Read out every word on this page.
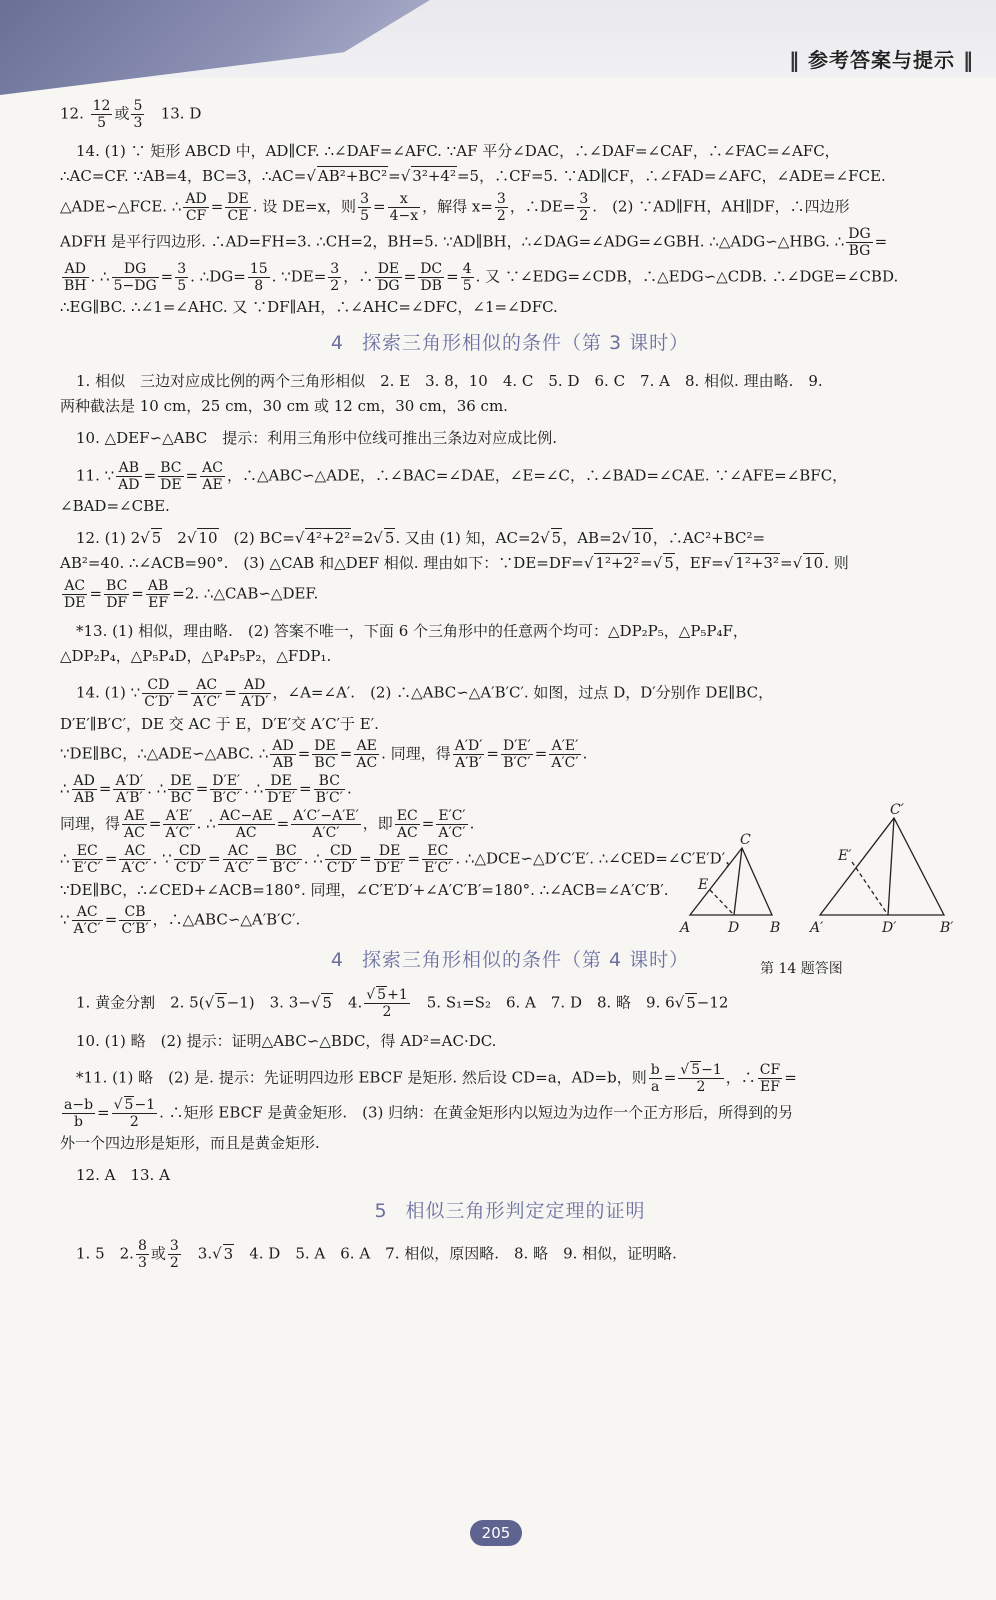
‖ 参考答案与提示 ‖
12. $\frac{12}{5}$ 或 $\frac{5}{3} 13$. D
14. (1) ∵ 矩形 ABCD 中，AD∥CF. ∴∠DAF=∠AFC. ∵AF 平分∠DAC，∴∠DAF=∠CAF，∴∠FAC=∠AFC，
∴AC=CF. ∵AB=4，BC=3，∴AC=√ AB²+BC²=√ 3²+4²=5，∴CF=5. ∵AD∥CF，∴∠FAD=∠AFC，∠ADE=∠FCE.
△ADE∽△FCE. ∴ $\frac{AD}{CF} = \frac{DE}{CE}$ . 设 DE=x，则 $\frac{3}{5} = \frac{x}{4-x}$ ，解得 $x= \frac{3}{2}$ ，∴DE= $\frac{3}{2}$ .　(2) ∵AD∥FH，AH∥DF，∴四边形
ADFH 是平行四边形. ∴AD=FH=3. ∴CH=2，BH=5. ∵AD∥BH，∴∠DAG=∠ADG=∠GBH. ∴△ADG∽△HBG. ∴ $\frac{DG}{BG}$ =
$\frac{AD}{BH}$ . ∴ $\frac{DG}{5-DG} = \frac{3}{5}$ . ∴DG= $\frac{15}{8}$ . ∵DE= $\frac{3}{2}$ ，∴ $\frac{DE}{DG} = \frac{DC}{DB} = \frac{4}{5}$ . 又 ∵∠EDG=∠CDB，∴△EDG∽△CDB. ∴∠DGE=∠CBD.
∴EG∥BC. ∴∠1=∠AHC. 又 ∵DF∥AH，∴∠AHC=∠DFC，∠1=∠DFC.
4 探索三角形相似的条件（第 3 课时）
1. 相似　三边对应成比例的两个三角形相似　2. E　3. 8，10　4. C　5. D　6. C　7. A　8. 相似. 理由略.　9.
两种截法是 10 cm，25 cm，30 cm 或 12 cm，30 cm，36 cm.
10. △DEF∽△ABC　提示：利用三角形中位线可推出三条边对应成比例.
11. ∵ $\frac{AB}{AD} = \frac{BC}{DE} = \frac{AC}{AE}$ ，∴△ABC∽△ADE，∴∠BAC=∠DAE，∠E=∠C，∴∠BAD=∠CAE. ∵∠AFE=∠BFC，
∠BAD=∠CBE.
12. (1) 2√ 5　2√ 10　(2) BC=√ 4²+2²=2√ 5. 又由 (1) 知，AC=2√ 5，AB=2√ 10，∴AC²+BC²=
AB²=40. ∴∠ACB=90°.　(3) △CAB 和△DEF 相似. 理由如下：∵DE=DF=√ 1²+2²=√ 5，EF=√ 1²+3²=√ 10. 则
$\frac{AC}{DE} = \frac{BC}{DF} = \frac{AB}{EF} =2$. ∴△CAB∽△DEF.
*13. (1) 相似，理由略.　(2) 答案不唯一，下面 6 个三角形中的任意两个均可：△DP₂P₅，△P₅P₄F，
△DP₂P₄，△P₅P₄D，△P₄P₅P₂，△FDP₁.
14. (1) ∵ $\frac{CD}{C'D'} = \frac{AC}{A'C'} = \frac{AD}{A'D'}$ ，∠A=∠A′.　(2) ∴△ABC∽△A′B′C′. 如图，过点 D，D′分别作 DE∥BC，
D′E′∥B′C′，DE 交 AC 于 E，D′E′交 A′C′于 E′.
∵DE∥BC，∴△ADE∽△ABC. ∴ $\frac{AD}{AB} = \frac{DE}{BC} = \frac{AE}{AC}$ . 同理，得 $\frac{A'D'}{A'B'} = \frac{D'E'}{B'C'} = \frac{A'E'}{A'C'}$ .
∴ $\frac{AD}{AB} = \frac{A'D'}{A'B'}$ . ∴ $\frac{DE}{BC} = \frac{D'E'}{B'C'}$ . ∴ $\frac{DE}{D'E'} = \frac{BC}{B'C'}$ .
同理，得 $\frac{AE}{AC} = \frac{A'E'}{A'C'}$ . ∴ $\frac{AC-AE}{AC} = \frac{A'C'-A'E'}{A'C'}$ ，即 $\frac{EC}{AC} = \frac{E'C'}{A'C'}$ .
∴ $\frac{EC}{E'C'} = \frac{AC}{A'C'}$ . ∵ $\frac{CD}{C'D'} = \frac{AC}{A'C'} = \frac{BC}{B'C'}$ . ∴ $\frac{CD}{C'D'} = \frac{DE}{D'E'} = \frac{EC}{E'C'}$ . ∴△DCE∽△D′C′E′. ∴∠CED=∠C′E′D′，
∵DE∥BC，∴∠CED+∠ACB=180°. 同理，∠C′E′D′+∠A′C′B′=180°. ∴∠ACB=∠A′C′B′.
∵ $\frac{AC}{A'C'} = \frac{CB}{C'B'}$ ，∴△ABC∽△A′B′C′.
4 探索三角形相似的条件（第 4 课时）
1. 黄金分割　2. 5(√ 5−1)　3. 3−√ 5　4. $\frac{√ 5+1}{2}$ 　5. S₁=S₂　6. A　7. D　8. 略　9. 6√ 5−12
10. (1) 略　(2) 提示：证明△ABC∽△BDC，得 AD²=AC·DC.
*11. (1) 略　(2) 是. 提示：先证明四边形 EBCF 是矩形. 然后设 CD=a，AD=b，则 $\frac{b}{a} = \frac{√ 5-1}{2}$ ，∴ $\frac{CF}{EF}$ =
$\frac{a-b}{b} = \frac{√ 5-1}{2}$ . ∴矩形 EBCF 是黄金矩形.　(3) 归纳：在黄金矩形内以短边为边作一个正方形后，所得到的另
外一个四边形是矩形，而且是黄金矩形.
12. A　13. A
5 相似三角形判定定理的证明
1. 5　2. $\frac{8}{3}$ 或 $\frac{3}{2}$ 　3.√ 3　4. D　5. A　6. A　7. 相似，原因略.　8. 略　9. 相似，证明略.
A	D B
C
E
A′	D′	B′
C′
E′
第 14 题答图
205
